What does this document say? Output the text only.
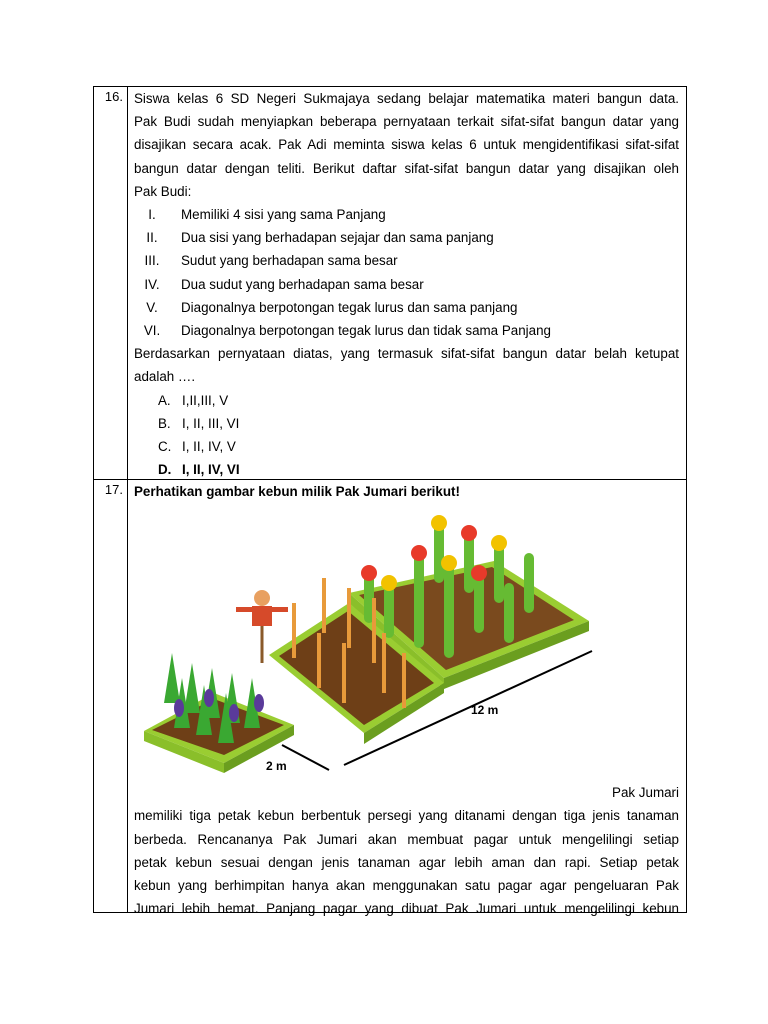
16. Siswa kelas 6 SD Negeri Sukmajaya sedang belajar matematika materi bangun data.
Pak Budi sudah menyiapkan beberapa pernyataan terkait sifat-sifat bangun datar yang
disajikan secara acak. Pak Adi meminta siswa kelas 6 untuk mengidentifikasi sifat-sifat
bangun datar dengan teliti. Berikut daftar sifat-sifat bangun datar yang disajikan oleh
Pak Budi:
I.	Memiliki 4 sisi yang sama Panjang
II.	Dua sisi yang berhadapan sejajar dan sama panjang
III.	Sudut yang berhadapan sama besar
IV.	Dua sudut yang berhadapan sama besar
V.	Diagonalnya berpotongan tegak lurus dan sama panjang
VI.	Diagonalnya berpotongan tegak lurus dan tidak sama Panjang
Berdasarkan pernyataan diatas, yang termasuk sifat-sifat bangun datar belah ketupat
adalah ….
A. I,II,III, V
B. I, II, III, VI
C. I, II, IV, V
D. I, II, IV, VI
17. Perhatikan gambar kebun milik Pak Jumari berikut!
12 m
2 m
Pak Jumari
memiliki tiga petak kebun berbentuk persegi yang ditanami dengan tiga jenis tanaman
berbeda. Rencananya Pak Jumari akan membuat pagar untuk mengelilingi setiap
petak kebun sesuai dengan jenis tanaman agar lebih aman dan rapi. Setiap petak
kebun yang berhimpitan hanya akan menggunakan satu pagar agar pengeluaran Pak
Jumari lebih hemat. Panjang pagar yang dibuat Pak Jumari untuk mengelilingi kebun
